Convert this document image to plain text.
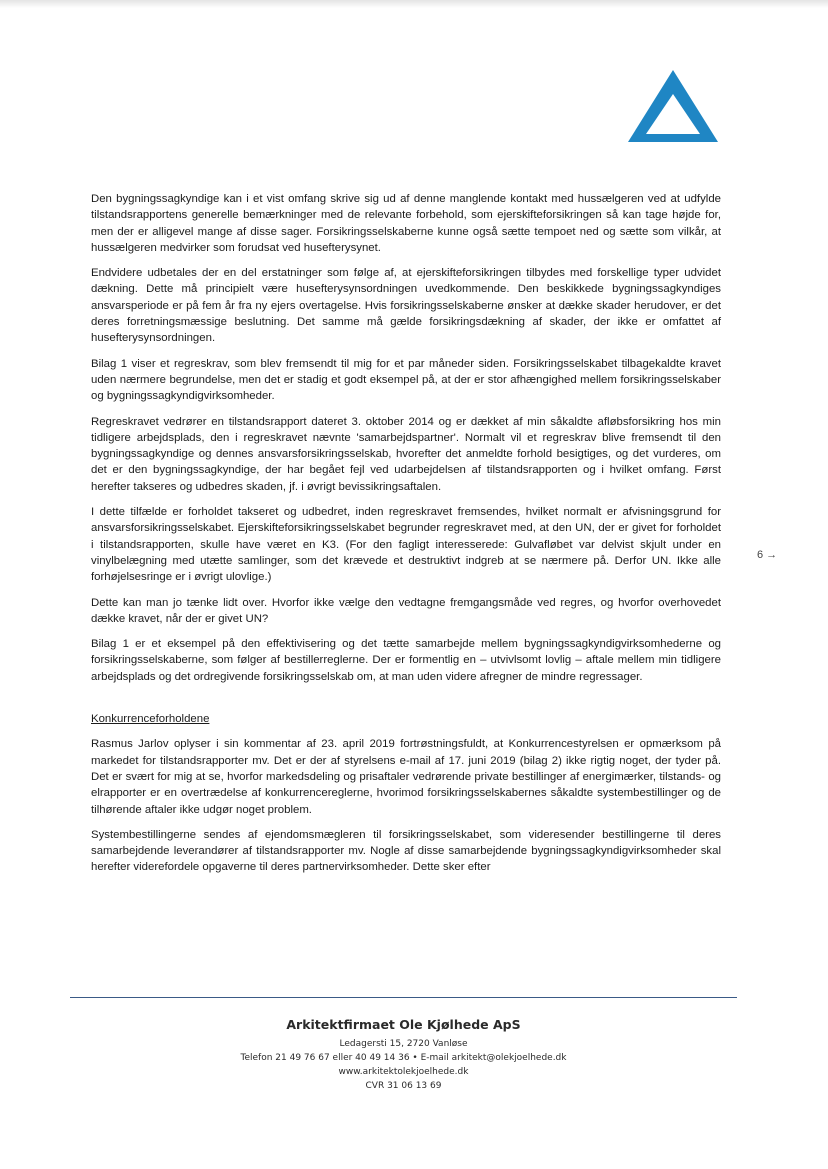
Den bygningssagkyndige kan i et vist omfang skrive sig ud af denne manglende kontakt med hussælgeren ved at udfylde tilstandsrapportens generelle bemærkninger med de relevante forbehold, som ejerskifteforsikringen så kan tage højde for, men der er alligevel mange af disse sager. Forsikringsselskaberne kunne også sætte tempoet ned og sætte som vilkår, at hussælgeren medvirker som forudsat ved husefterysynet.

Endvidere udbetales der en del erstatninger som følge af, at ejerskifteforsikringen tilbydes med forskellige typer udvidet dækning. Dette må principielt være husefterysynsordningen uvedkommende. Den beskikkede bygningssagkyndiges ansvarsperiode er på fem år fra ny ejers overtagelse. Hvis forsikringsselskaberne ønsker at dække skader herudover, er det deres forretningsmæssige beslutning. Det samme må gælde forsikringsdækning af skader, der ikke er omfattet af husefterysynsordningen.

Bilag 1 viser et regreskrav, som blev fremsendt til mig for et par måneder siden. Forsikringsselskabet tilbagekaldte kravet uden nærmere begrundelse, men det er stadig et godt eksempel på, at der er stor afhængighed mellem forsikringsselskaber og bygningssagkyndigvirksomheder.

Regreskravet vedrører en tilstandsrapport dateret 3. oktober 2014 og er dækket af min såkaldte afløbsforsikring hos min tidligere arbejdsplads, den i regreskravet nævnte 'samarbejdspartner'. Normalt vil et regreskrav blive fremsendt til den bygningssagkyndige og dennes ansvarsforsikringsselskab, hvorefter det anmeldte forhold besigtiges, og det vurderes, om det er den bygningssagkyndige, der har begået fejl ved udarbejdelsen af tilstandsrapporten og i hvilket omfang. Først herefter takseres og udbedres skaden, jf. i øvrigt bevissikringsaftalen.

I dette tilfælde er forholdet takseret og udbedret, inden regreskravet fremsendes, hvilket normalt er afvisningsgrund for ansvarsforsikringsselskabet. Ejerskifteforsikringsselskabet begrunder regreskravet med, at den UN, der er givet for forholdet i tilstandsrapporten, skulle have været en K3. (For den fagligt interesserede: Gulvafløbet var delvist skjult under en vinylbelægning med utætte samlinger, som det krævede et destruktivt indgreb at se nærmere på. Derfor UN. Ikke alle forhøjelsesringe er i øvrigt ulovlige.)

Dette kan man jo tænke lidt over. Hvorfor ikke vælge den vedtagne fremgangsmåde ved regres, og hvorfor overhovedet dække kravet, når der er givet UN?

Bilag 1 er et eksempel på den effektivisering og det tætte samarbejde mellem bygningssagkyndigvirksomhederne og forsikringsselskaberne, som følger af bestillerreglerne. Der er formentlig en – utvivlsomt lovlig – aftale mellem min tidligere arbejdsplads og det ordregivende forsikringsselskab om, at man uden videre afregner de mindre regressager.

Konkurrenceforholdene

Rasmus Jarlov oplyser i sin kommentar af 23. april 2019 fortrøstningsfuldt, at Konkurrencestyrelsen er opmærksom på markedet for tilstandsrapporter mv. Det er der af styrelsens e-mail af 17. juni 2019 (bilag 2) ikke rigtig noget, der tyder på. Det er svært for mig at se, hvorfor markedsdeling og prisaftaler vedrørende private bestillinger af energimærker, tilstands- og elrapporter er en overtrædelse af konkurrencereglerne, hvorimod forsikringsselskabernes såkaldte systembestillinger og de tilhørende aftaler ikke udgør noget problem.

Systembestillingerne sendes af ejendomsmægleren til forsikringsselskabet, som videresender bestillingerne til deres samarbejdende leverandører af tilstandsrapporter mv. Nogle af disse samarbejdende bygningssagkyndigvirksomheder skal herefter viderefordele opgaverne til deres partnervirksomheder. Dette sker efter

6 →
Arkitektfirmaet Ole Kjølhede ApS
Ledagersti 15, 2720 Vanløse
Telefon 21 49 76 67 eller 40 49 14 36 • E-mail arkitekt@olekjoelhede.dk
www.arkitektolekjoelhede.dk
CVR 31 06 13 69
